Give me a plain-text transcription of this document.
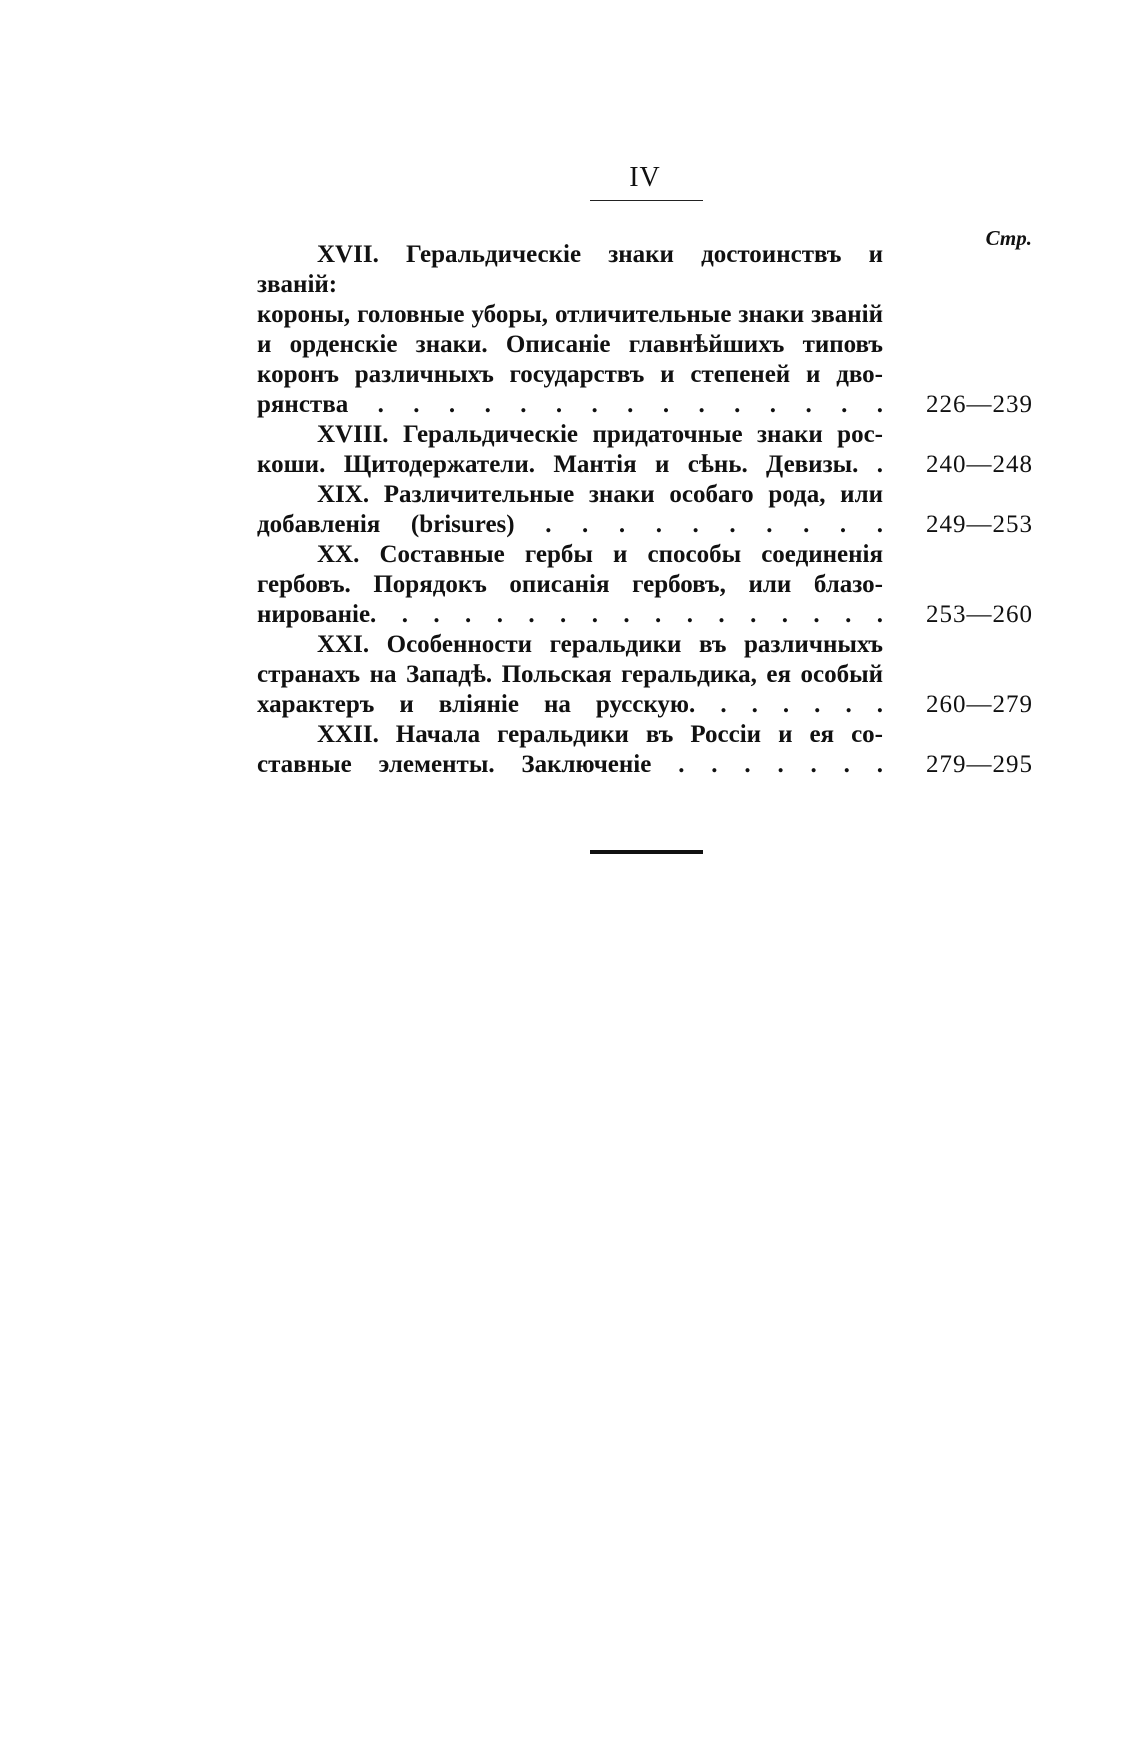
IV
Стр.
XVII. Геральдическіе знаки достоинствъ и званій:
короны, головные уборы, отличительные знаки званій
и орденскіе знаки. Описаніе главнѣйшихъ типовъ
коронъ различныхъ государствъ и степеней и дво-
рянства . . . . . . . . . . . . . . .	226—239
XVIII. Геральдическіе придаточные знаки рос-
коши. Щитодержатели. Мантія и сѣнь. Девизы. .	240—248
XIX. Различительные знаки особаго рода, или
добавленія (brisures) . . . . . . . . . .	249—253
XX. Составные гербы и способы соединенія
гербовъ. Порядокъ описанія гербовъ, или блазо-
нированіе. . . . . . . . . . . . . . . . .	253—260
XXI. Особенности геральдики въ различныхъ
странахъ на Западѣ. Польская геральдика, ея особый
характеръ и вліяніе на русскую. . . . . . .	260—279
XXII. Начала геральдики въ Россіи и ея со-
ставные элементы. Заключеніе . . . . . . .	279—295
